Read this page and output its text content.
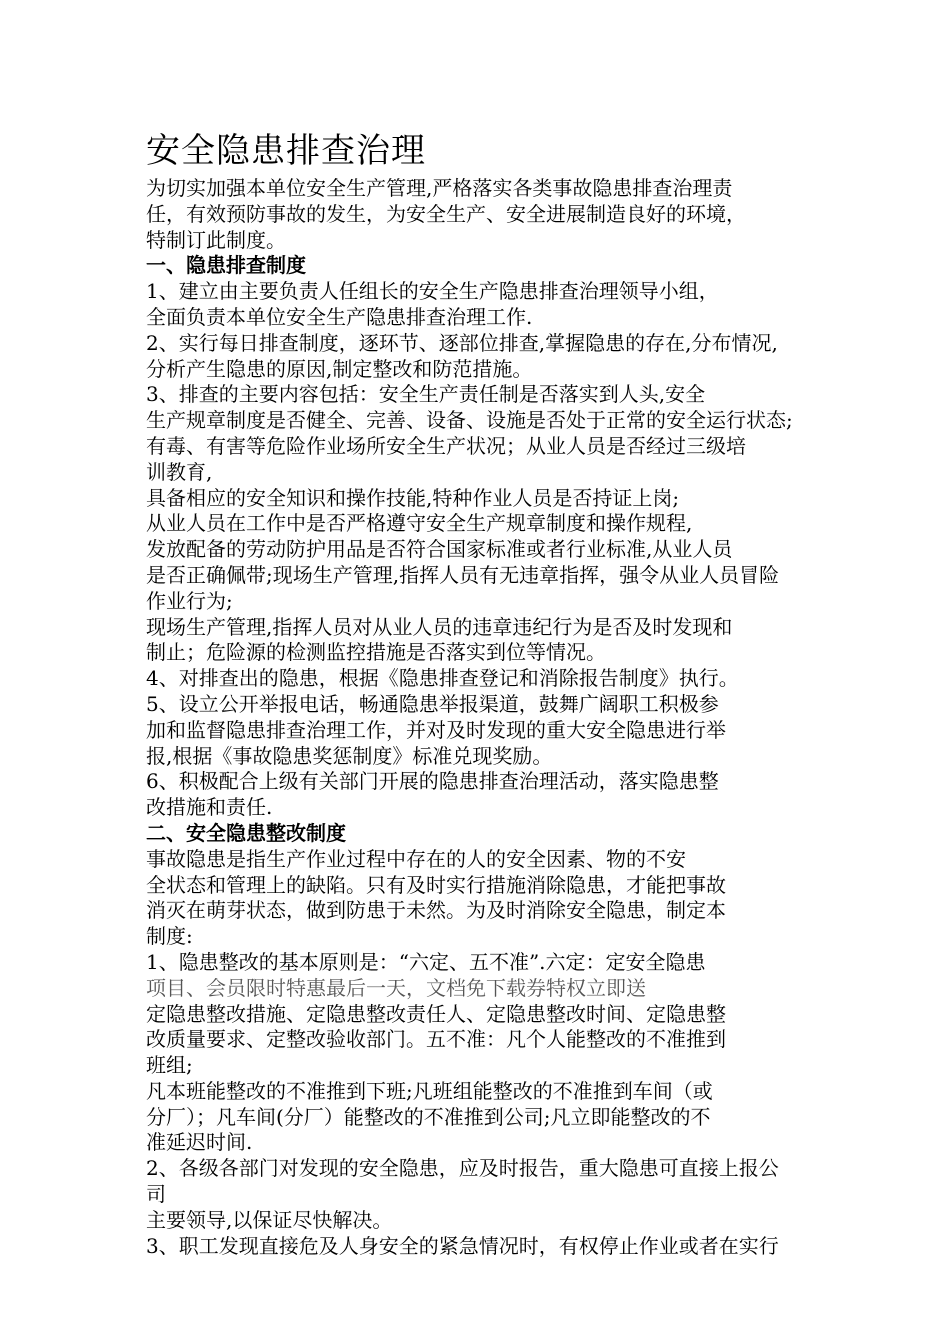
安全隐患排查治理

为切实加强本单位安全生产管理,严格落实各类事故隐患排查治理责

任，有效预防事故的发生，为安全生产、安全进展制造良好的环境，

特制订此制度。

一、隐患排查制度

1、建立由主要负责人任组长的安全生产隐患排查治理领导小组，

全面负责本单位安全生产隐患排查治理工作.

2、实行每日排查制度，逐环节、逐部位排查,掌握隐患的存在,分布情况,

分析产生隐患的原因,制定整改和防范措施。

3、排查的主要内容包括：安全生产责任制是否落实到人头,安全

生产规章制度是否健全、完善、设备、设施是否处于正常的安全运行状态;

有毒、有害等危险作业场所安全生产状况；从业人员是否经过三级培

训教育,

具备相应的安全知识和操作技能,特种作业人员是否持证上岗;

从业人员在工作中是否严格遵守安全生产规章制度和操作规程,

发放配备的劳动防护用品是否符合国家标准或者行业标准,从业人员

是否正确佩带;现场生产管理,指挥人员有无违章指挥，强令从业人员冒险

作业行为;

现场生产管理,指挥人员对从业人员的违章违纪行为是否及时发现和

制止；危险源的检测监控措施是否落实到位等情况。

4、对排查出的隐患，根据《隐患排查登记和消除报告制度》执行。

5、设立公开举报电话，畅通隐患举报渠道，鼓舞广阔职工积极参

加和监督隐患排查治理工作，并对及时发现的重大安全隐患进行举

报,根据《事故隐患奖惩制度》标准兑现奖励。

6、积极配合上级有关部门开展的隐患排查治理活动，落实隐患整

改措施和责任.

二、安全隐患整改制度

事故隐患是指生产作业过程中存在的人的安全因素、物的不安

全状态和管理上的缺陷。只有及时实行措施消除隐患，才能把事故

消灭在萌芽状态，做到防患于未然。为及时消除安全隐患，制定本

制度:

1、隐患整改的基本原则是：“六定、五不准”.六定：定安全隐患

项目、会员限时特惠最后一天，文档免下载券特权立即送

定隐患整改措施、定隐患整改责任人、定隐患整改时间、定隐患整

改质量要求、定整改验收部门。五不准：凡个人能整改的不准推到

班组;

凡本班能整改的不准推到下班;凡班组能整改的不准推到车间（或

分厂）；凡车间(分厂）能整改的不准推到公司;凡立即能整改的不

准延迟时间.

2、各级各部门对发现的安全隐患，应及时报告，重大隐患可直接上报公

司

主要领导,以保证尽快解决。

3、职工发现直接危及人身安全的紧急情况时，有权停止作业或者在实行
